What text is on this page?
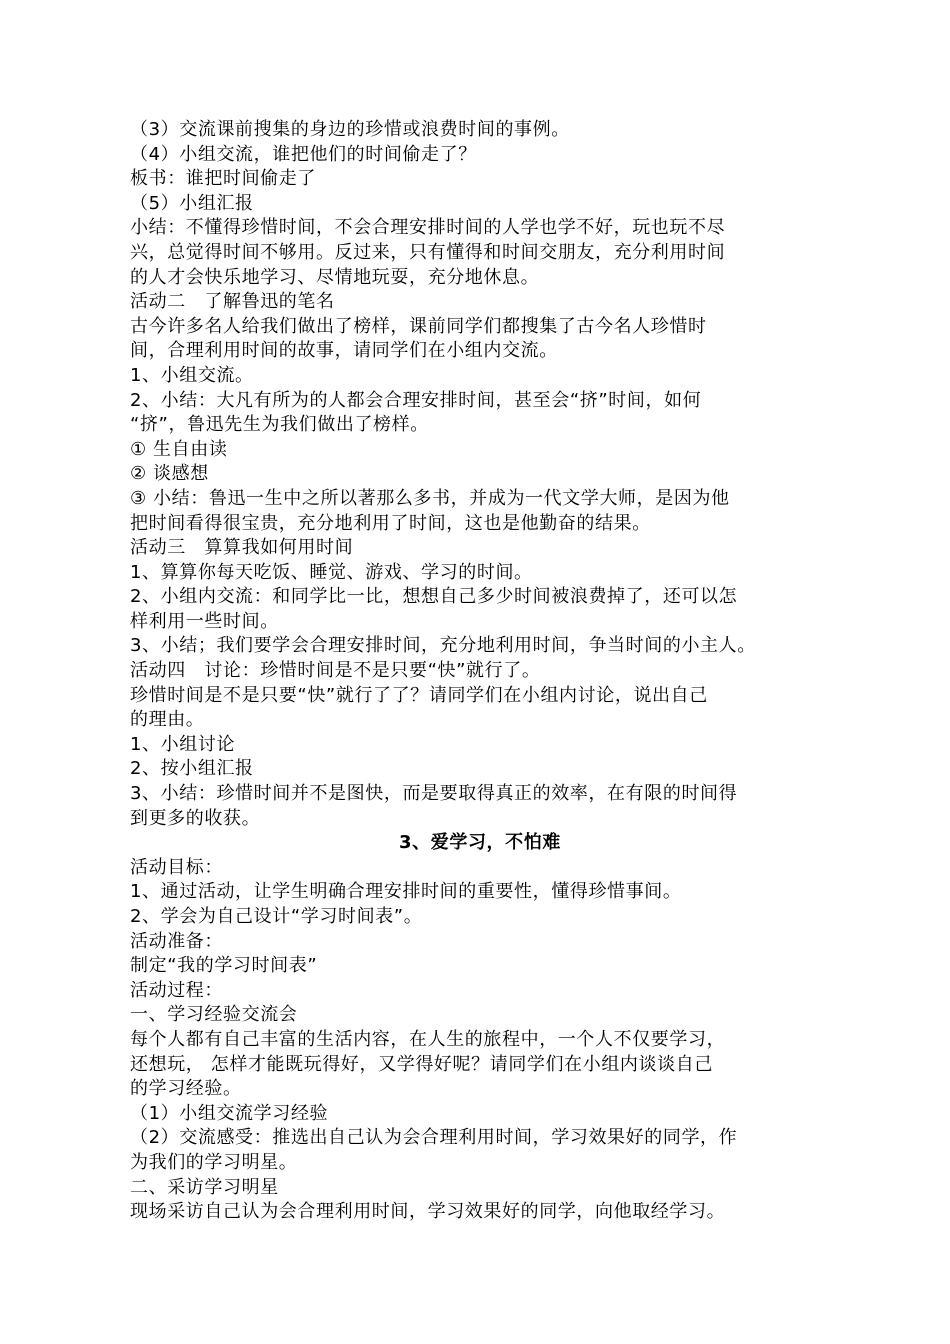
（3）交流课前搜集的身边的珍惜或浪费时间的事例。
（4）小组交流，谁把他们的时间偷走了？
板书：谁把时间偷走了
（5）小组汇报
小结：不懂得珍惜时间，不会合理安排时间的人学也学不好，玩也玩不尽
兴，总觉得时间不够用。反过来，只有懂得和时间交朋友，充分利用时间
的人才会快乐地学习、尽情地玩耍，充分地休息。
活动二　了解鲁迅的笔名
古今许多名人给我们做出了榜样，课前同学们都搜集了古今名人珍惜时
间，合理利用时间的故事，请同学们在小组内交流。
1、小组交流。
2、小结：大凡有所为的人都会合理安排时间，甚至会“挤”时间，如何
“挤”，鲁迅先生为我们做出了榜样。
① 生自由读
② 谈感想
③ 小结：鲁迅一生中之所以著那么多书，并成为一代文学大师，是因为他
把时间看得很宝贵，充分地利用了时间，这也是他勤奋的结果。
活动三　算算我如何用时间
1、算算你每天吃饭、睡觉、游戏、学习的时间。
2、小组内交流：和同学比一比，想想自己多少时间被浪费掉了，还可以怎
样利用一些时间。
3、小结；我们要学会合理安排时间，充分地利用时间，争当时间的小主人。
活动四　讨论：珍惜时间是不是只要“快”就行了。
珍惜时间是不是只要“快”就行了了？请同学们在小组内讨论，说出自己
的理由。
1、小组讨论
2、按小组汇报
3、小结：珍惜时间并不是图快，而是要取得真正的效率，在有限的时间得
到更多的收获。
3、爱学习，不怕难
活动目标：
1、通过活动，让学生明确合理安排时间的重要性，懂得珍惜事间。
2、学会为自己设计“学习时间表”。
活动准备：
制定“我的学习时间表”
活动过程：
一、学习经验交流会
每个人都有自己丰富的生活内容，在人生的旅程中，一个人不仅要学习，
还想玩， 怎样才能既玩得好，又学得好呢？请同学们在小组内谈谈自己
的学习经验。
（1）小组交流学习经验
（2）交流感受：推选出自己认为会合理利用时间，学习效果好的同学，作
为我们的学习明星。
二、采访学习明星
现场采访自己认为会合理利用时间，学习效果好的同学，向他取经学习。
